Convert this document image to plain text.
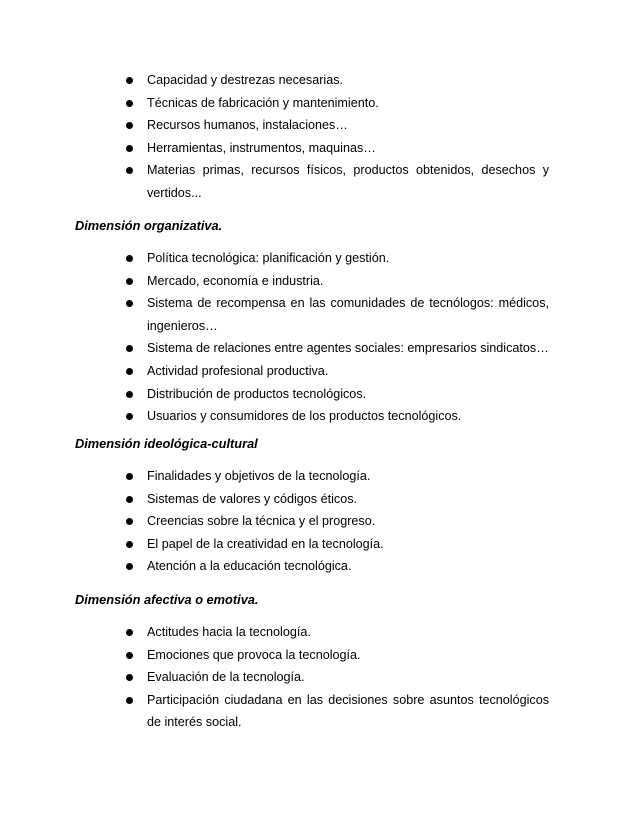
Capacidad y destrezas necesarias.
Técnicas de fabricación y mantenimiento.
Recursos humanos, instalaciones…
Herramientas, instrumentos, maquinas…
Materias primas, recursos físicos, productos obtenidos, desechos y vertidos...
Dimensión organizativa.
Política tecnológica: planificación y gestión.
Mercado, economía e industria.
Sistema de recompensa en las comunidades de tecnólogos: médicos, ingenieros…
Sistema de relaciones entre agentes sociales: empresarios sindicatos…
Actividad profesional productiva.
Distribución de productos tecnológicos.
Usuarios y consumidores de los productos tecnológicos.
Dimensión ideológica-cultural
Finalidades y objetivos de la tecnología.
Sistemas de valores y códigos éticos.
Creencias sobre la técnica y el progreso.
El papel de la creatividad en la tecnología.
Atención a la educación tecnológica.
Dimensión afectiva o emotiva.
Actitudes hacia la tecnología.
Emociones que provoca la tecnología.
Evaluación de la tecnología.
Participación ciudadana en las decisiones sobre asuntos tecnológicos de interés social.
